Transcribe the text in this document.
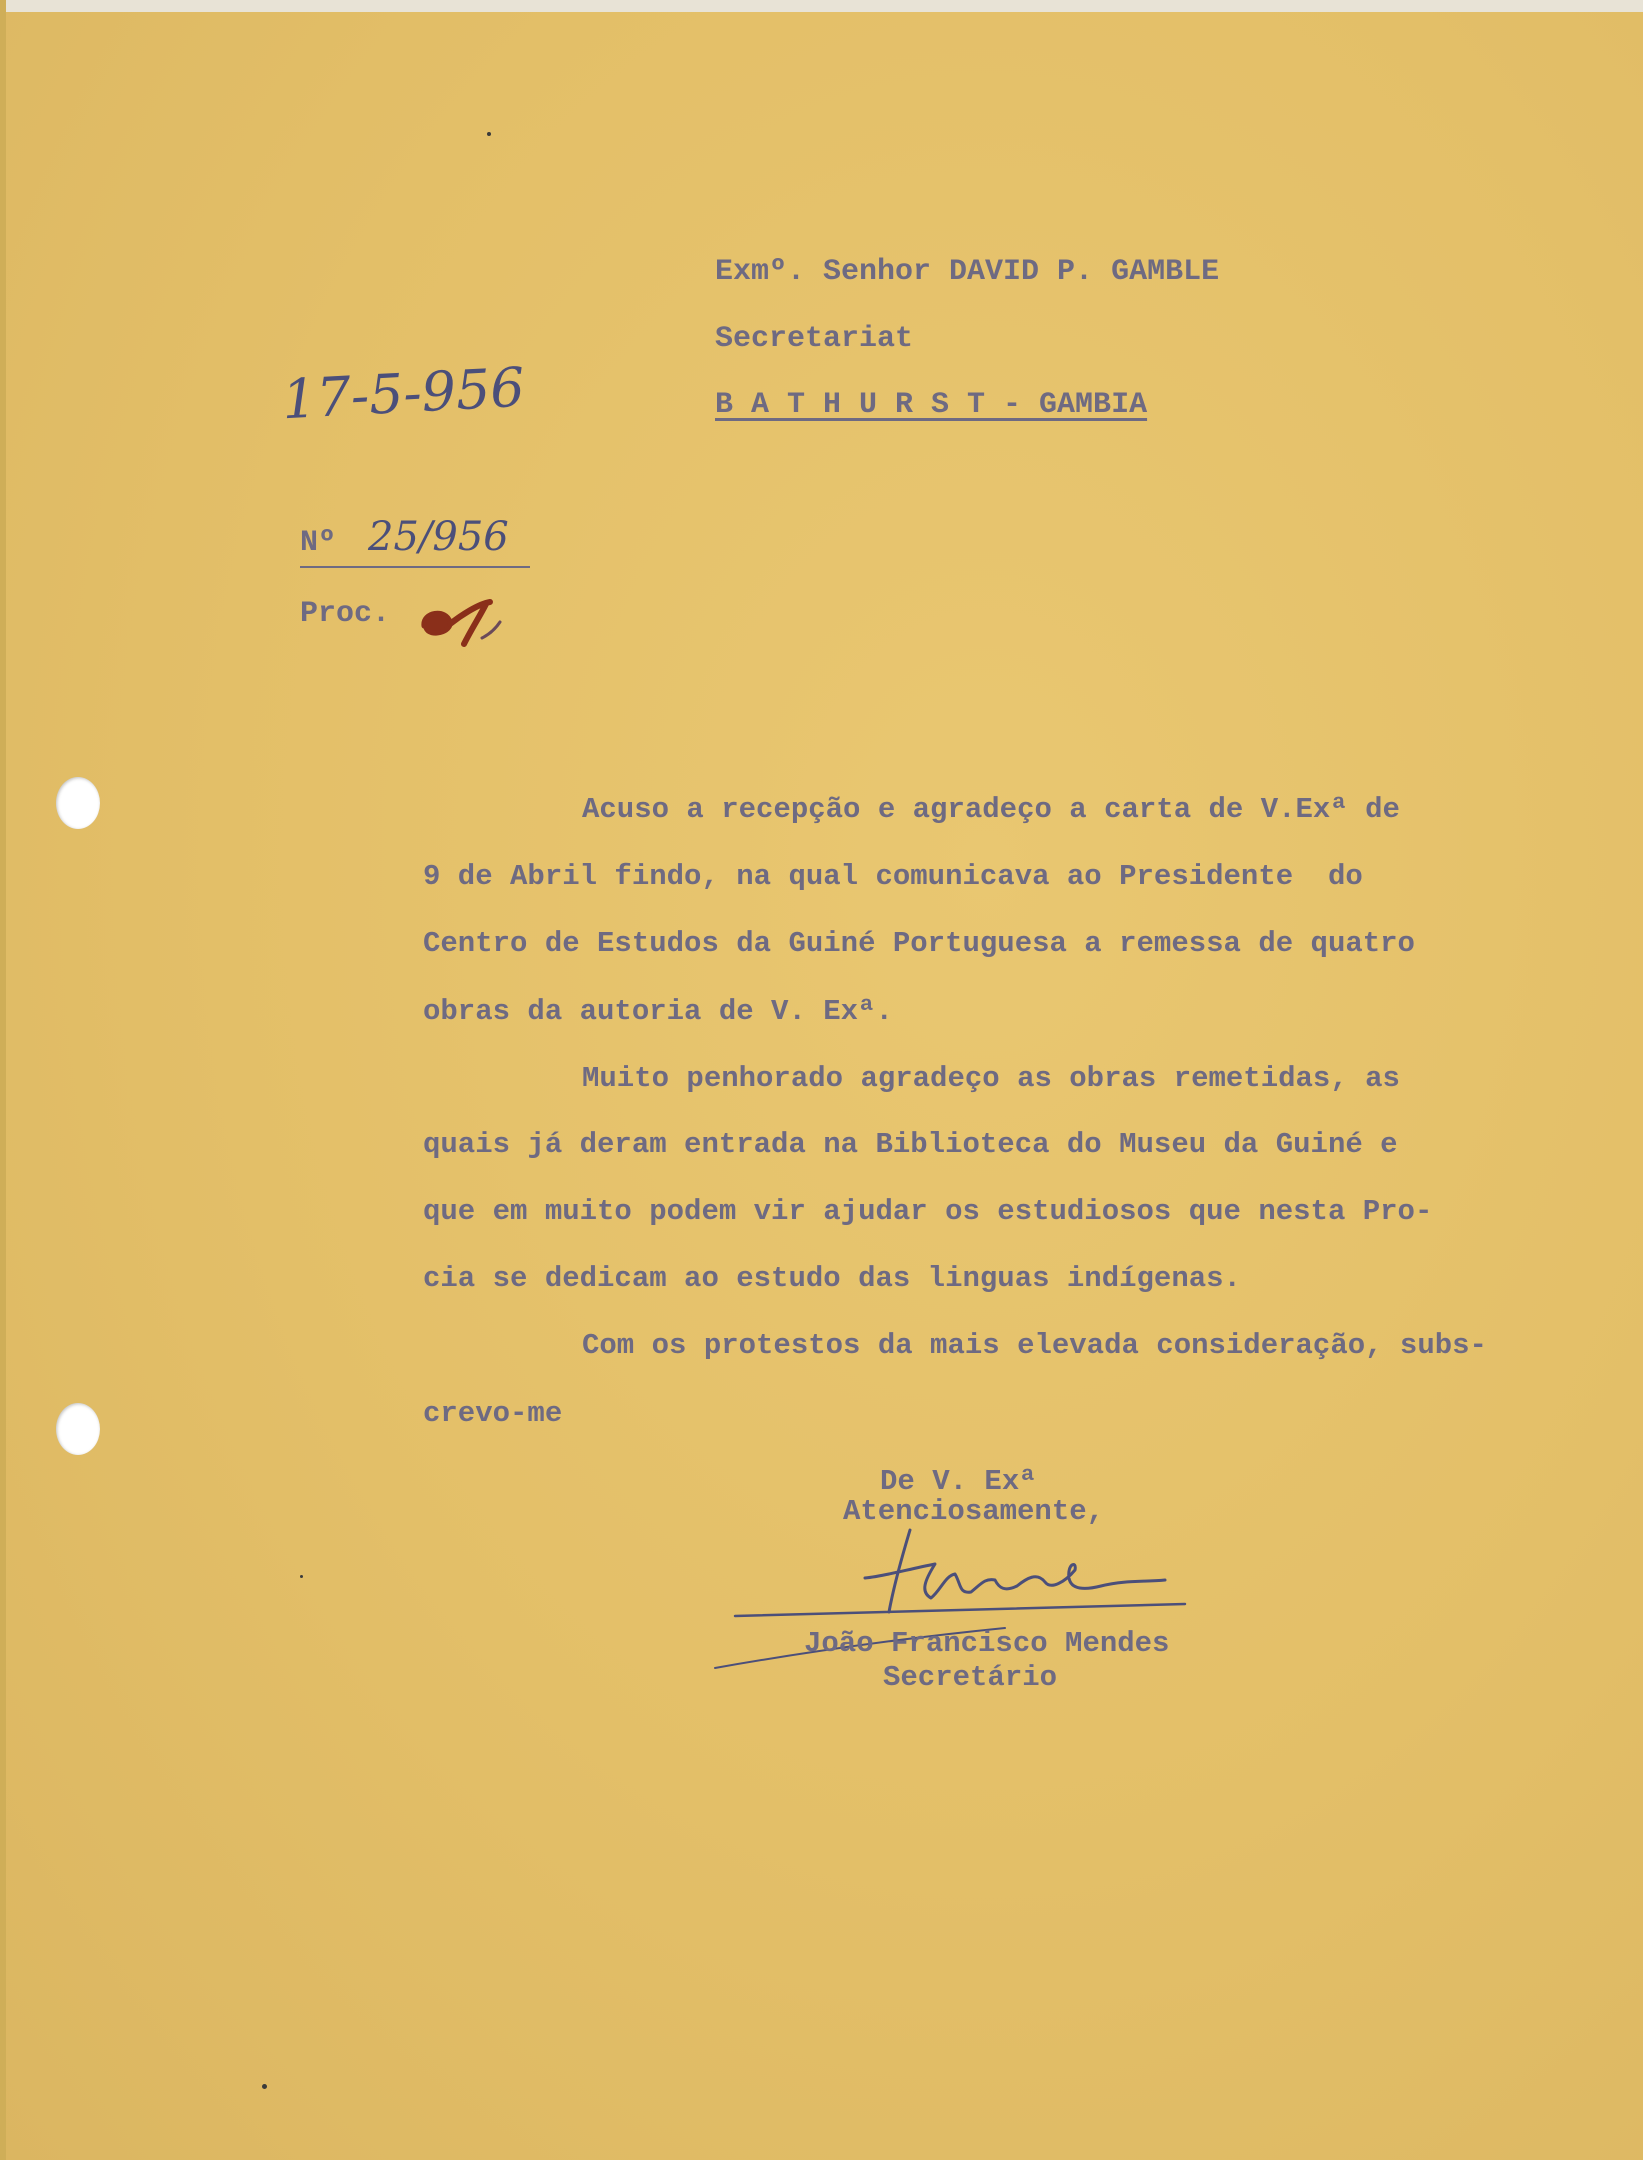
17-5-956
Exmº. Senhor DAVID P. GAMBLE
Secretariat
B A T H U R S T - GAMBIA
Nº 25/956
Proc.
Acuso a recepção e agradeço a carta de V.Exª de
9 de Abril findo, na qual comunicava ao Presidente  do
Centro de Estudos da Guiné Portuguesa a remessa de quatro
obras da autoria de V. Exª.
Muito penhorado agradeço as obras remetidas, as
quais já deram entrada na Biblioteca do Museu da Guiné e
que em muito podem vir ajudar os estudiosos que nesta Pro-
cia se dedicam ao estudo das linguas indígenas.
Com os protestos da mais elevada consideração, subs-
crevo-me
De V. Exª
Atenciosamente,
João Francisco Mendes
Secretário
